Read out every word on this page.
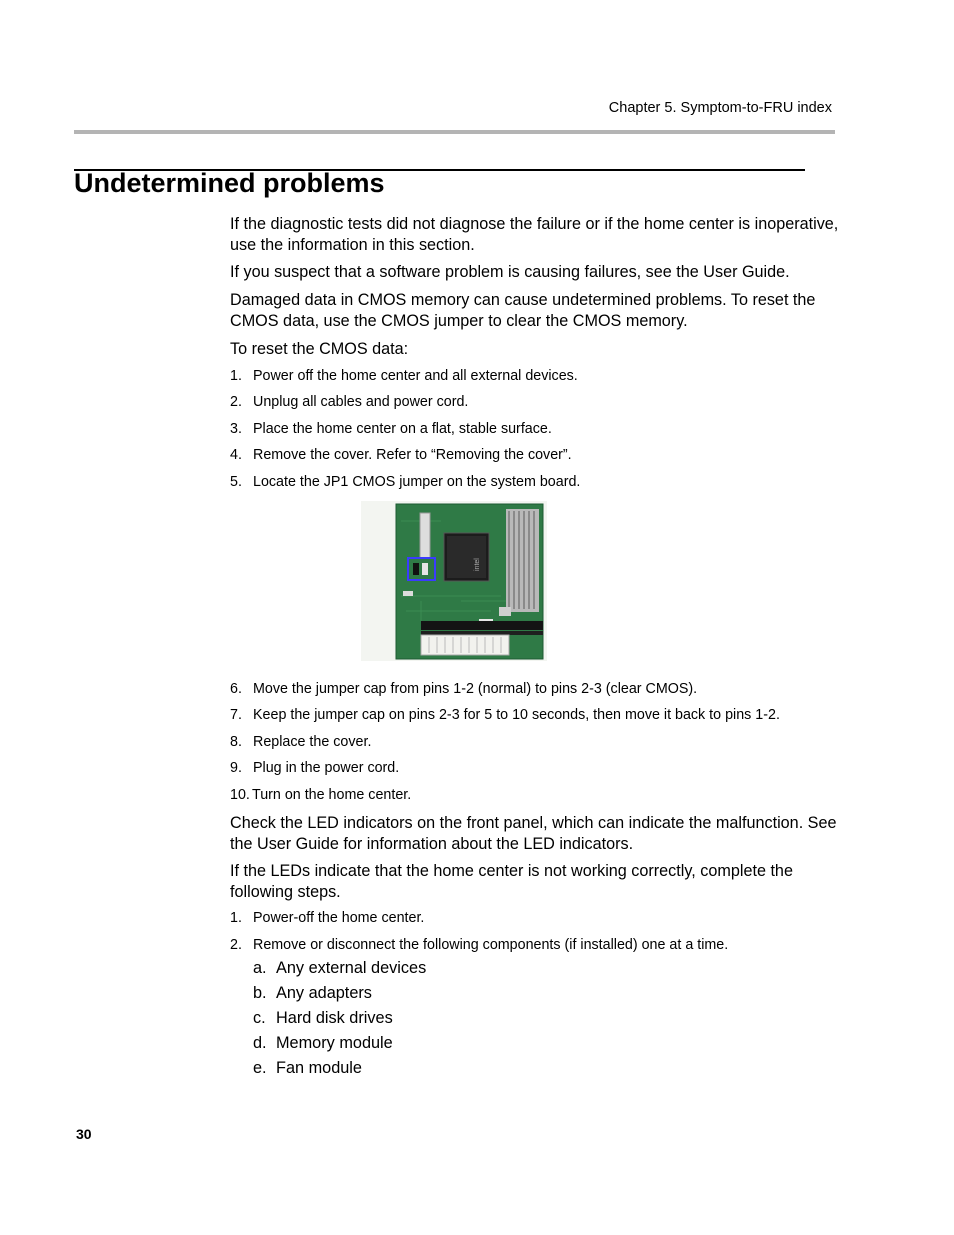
Chapter 5. Symptom-to-FRU index
Undetermined problems

If the diagnostic tests did not diagnose the failure or if the home center is inoperative, use the information in this section.

If you suspect that a software problem is causing failures, see the User Guide.

Damaged data in CMOS memory can cause undetermined problems. To reset the CMOS data, use the CMOS jumper to clear the CMOS memory.

To reset the CMOS data:

1. Power off the home center and all external devices.
2. Unplug all cables and power cord.
3. Place the home center on a flat, stable surface.
4. Remove the cover. Refer to “Removing the cover”.
5. Locate the JP1 CMOS jumper on the system board.
intel
6. Move the jumper cap from pins 1-2 (normal) to pins 2-3 (clear CMOS).
7. Keep the jumper cap on pins 2-3 for 5 to 10 seconds, then move it back to pins 1-2.
8. Replace the cover.
9. Plug in the power cord.
10. Turn on the home center.

Check the LED indicators on the front panel, which can indicate the malfunction. See the User Guide for information about the LED indicators.

If the LEDs indicate that the home center is not working correctly, complete the following steps.

1. Power-off the home center.
2. Remove or disconnect the following components (if installed) one at a time.
a. Any external devices
b. Any adapters
c. Hard disk drives
d. Memory module
e. Fan module
30
